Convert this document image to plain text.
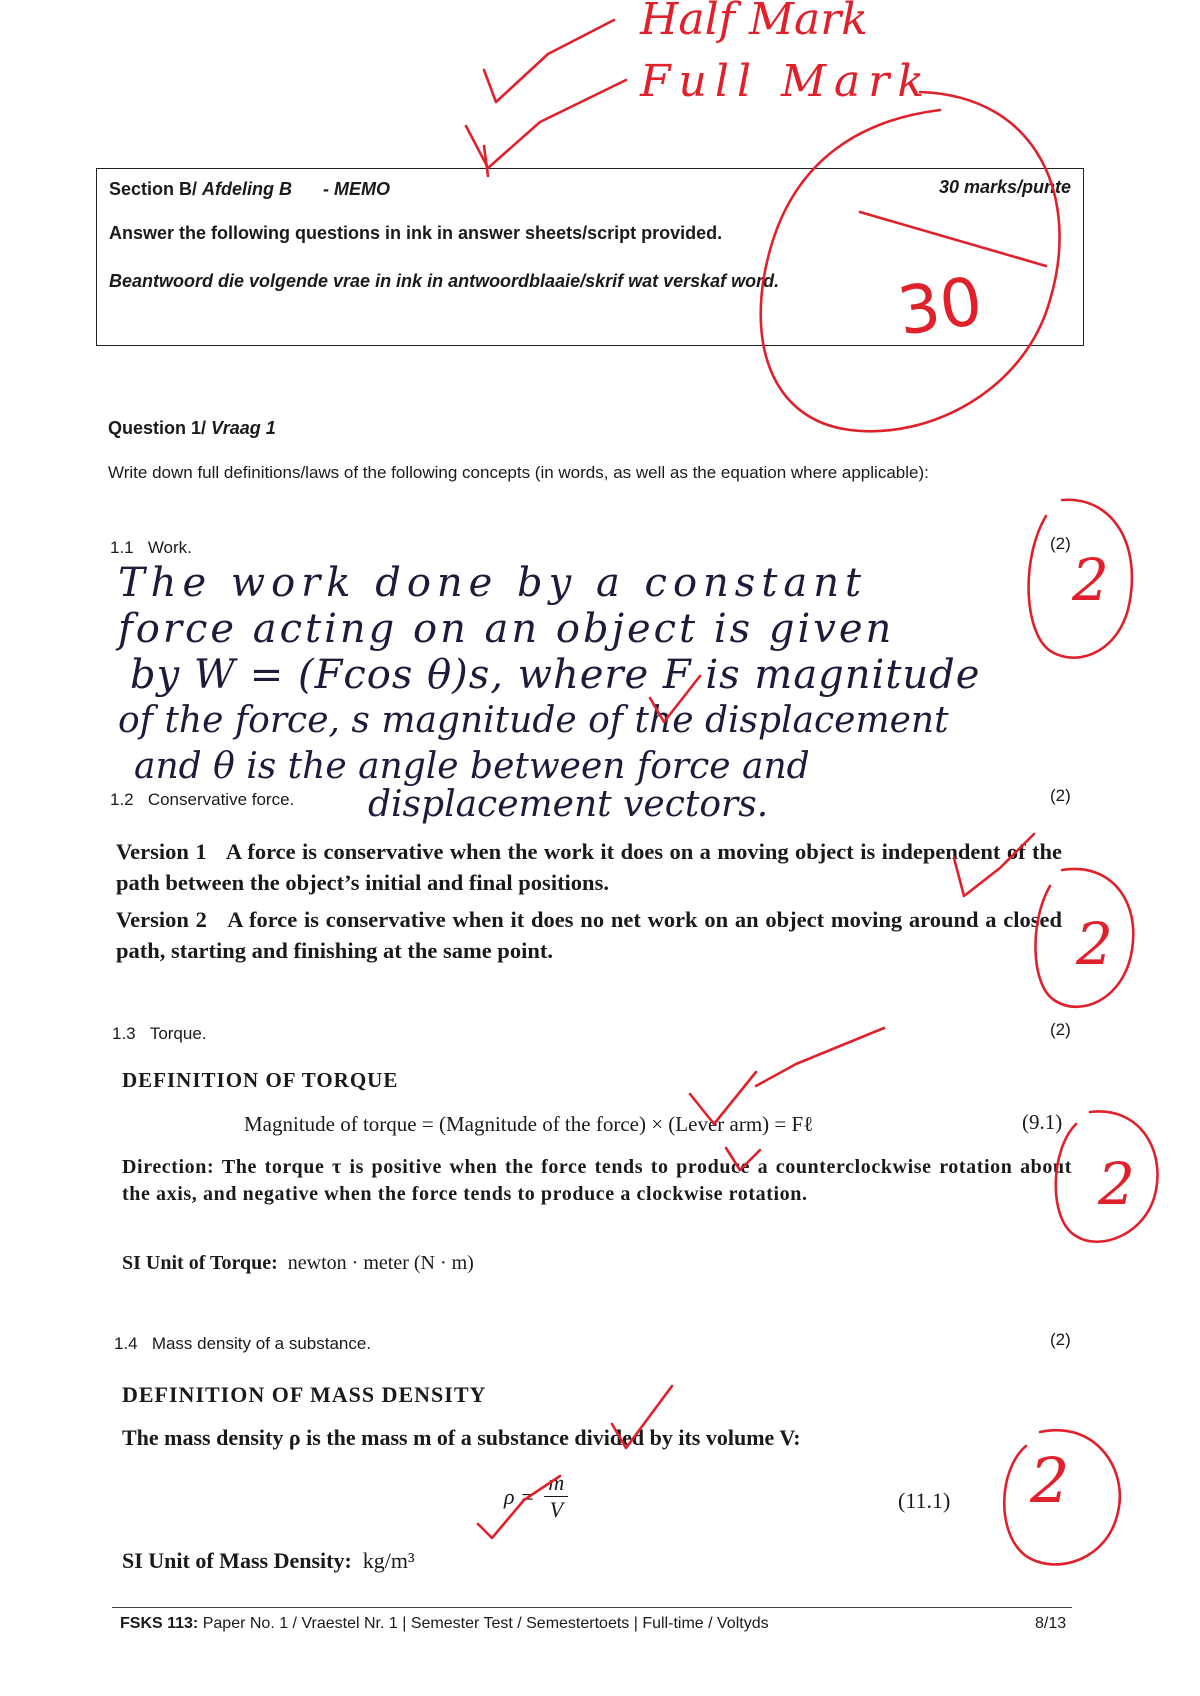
Half Mark
Full Mark
Section B/ Afdeling B - MEMO	30 marks/punte
Answer the following questions in ink in answer sheets/script provided.
Beantwoord die volgende vrae in ink in antwoordblaaie/skrif wat verskaf word. 30
Question 1/ Vraag 1
Write down full definitions/laws of the following concepts (in words, as well as the equation where applicable):
1.1 Work.	(2)
The work done by a constant
force acting on an object is given
by W = (Fcos θ)s, where F is magnitude
of the force, s magnitude of the displacement
and θ is the angle between force and
displacement vectors.
2
1.2 Conservative force.	(2)
Version 1 A force is conservative when the work it does on a moving object is independent of the path between the object’s initial and final positions.
Version 2 A force is conservative when it does no net work on an object moving around a closed path, starting and finishing at the same point.	2
1.3 Torque.	(2)
DEFINITION OF TORQUE
Magnitude of torque = (Magnitude of the force) × (Lever arm) = Fℓ	(9.1)
Direction: The torque τ is positive when the force tends to produce a counterclockwise rotation about the axis, and negative when the force tends to produce a clockwise rotation.
SI Unit of Torque: newton · meter (N · m)
2
1.4 Mass density of a substance.	(2)
DEFINITION OF MASS DENSITY
The mass density ρ is the mass m of a substance divided by its volume V:
$\rho = \frac{m}{V}$	(11.1)
SI Unit of Mass Density: kg/m³
2
FSKS 113: Paper No. 1 / Vraestel Nr. 1 | Semester Test / Semestertoets | Full-time / Voltyds	8/13
